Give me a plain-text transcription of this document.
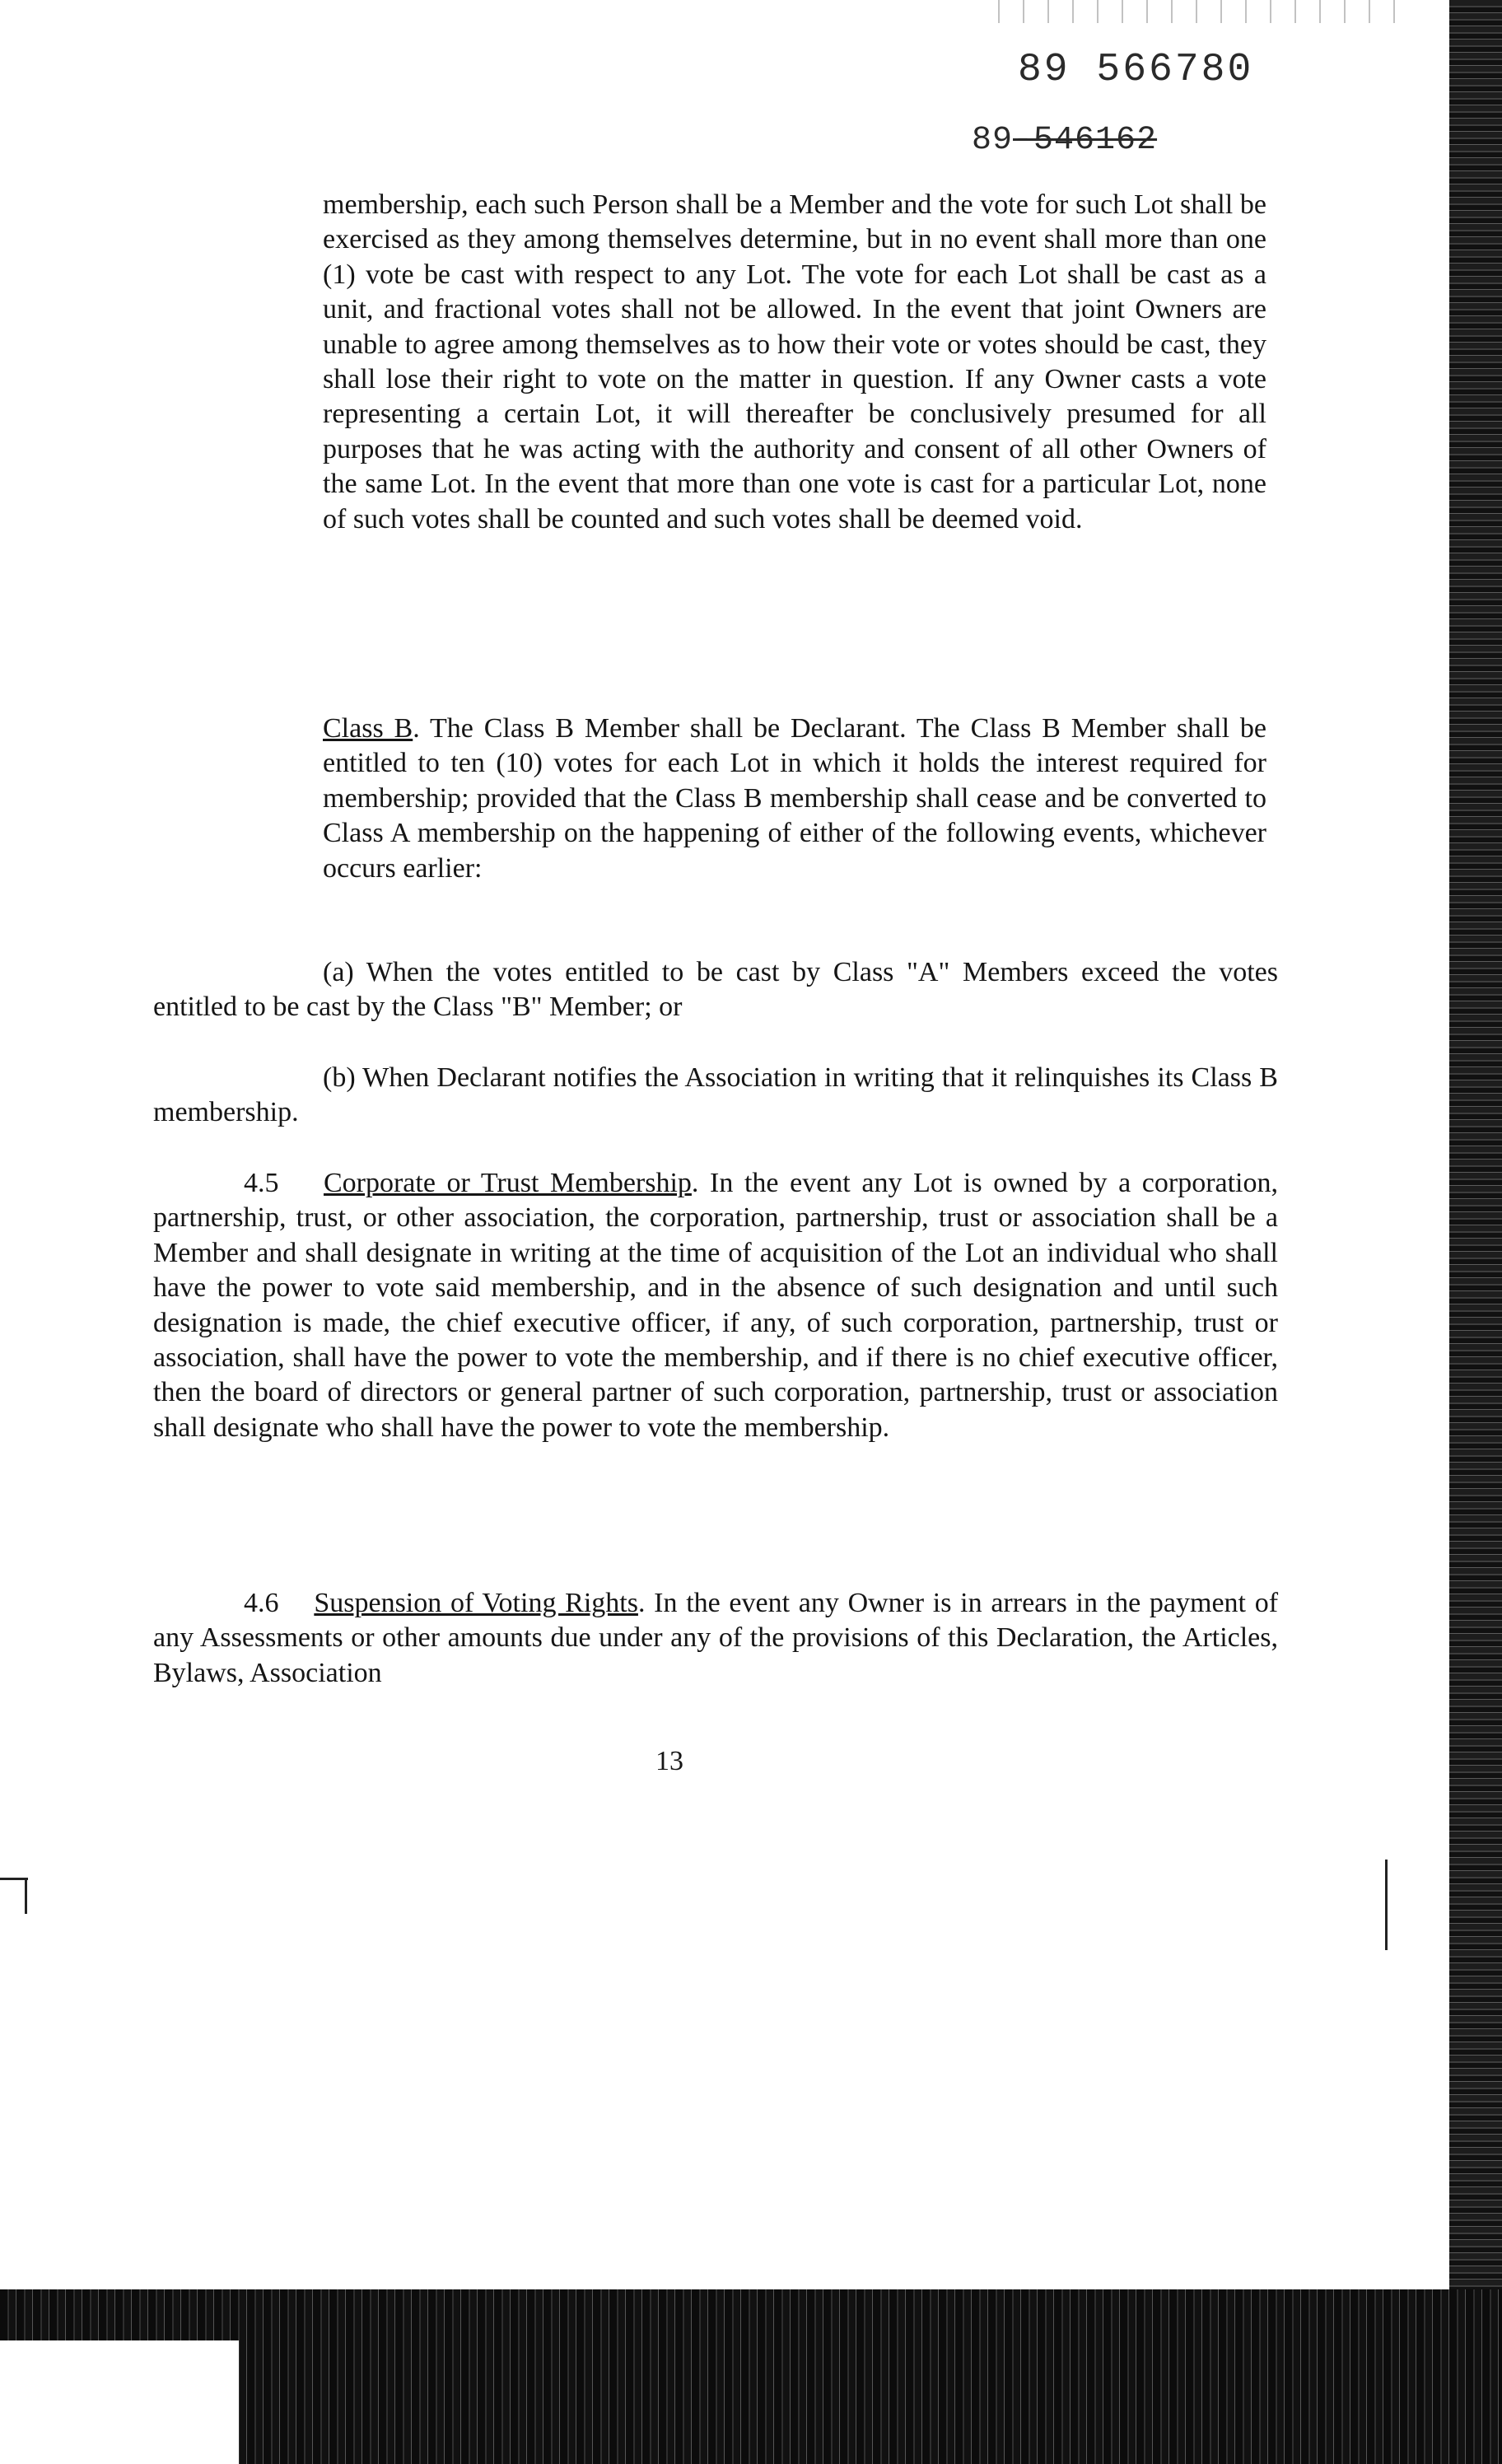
89 566780
89-546162

membership, each such Person shall be a Member and the vote for such Lot shall be exercised as they among themselves determine, but in no event shall more than one (1) vote be cast with respect to any Lot. The vote for each Lot shall be cast as a unit, and fractional votes shall not be allowed. In the event that joint Owners are unable to agree among themselves as to how their vote or votes should be cast, they shall lose their right to vote on the matter in question. If any Owner casts a vote representing a certain Lot, it will thereafter be conclusively presumed for all purposes that he was acting with the authority and consent of all other Owners of the same Lot. In the event that more than one vote is cast for a particular Lot, none of such votes shall be counted and such votes shall be deemed void.

Class B. The Class B Member shall be Declarant. The Class B Member shall be entitled to ten (10) votes for each Lot in which it holds the interest required for membership; provided that the Class B membership shall cease and be converted to Class A membership on the happening of either of the following events, whichever occurs earlier:

(a) When the votes entitled to be cast by Class "A" Members exceed the votes entitled to be cast by the Class "B" Member; or

(b) When Declarant notifies the Association in writing that it relinquishes its Class B membership.

4.5 Corporate or Trust Membership. In the event any Lot is owned by a corporation, partnership, trust, or other association, the corporation, partnership, trust or association shall be a Member and shall designate in writing at the time of acquisition of the Lot an individual who shall have the power to vote said membership, and in the absence of such designation and until such designation is made, the chief executive officer, if any, of such corporation, partnership, trust or association, shall have the power to vote the membership, and if there is no chief executive officer, then the board of directors or general partner of such corporation, partnership, trust or association shall designate who shall have the power to vote the membership.

4.6 Suspension of Voting Rights. In the event any Owner is in arrears in the payment of any Assessments or other amounts due under any of the provisions of this Declaration, the Articles, Bylaws, Association

13
